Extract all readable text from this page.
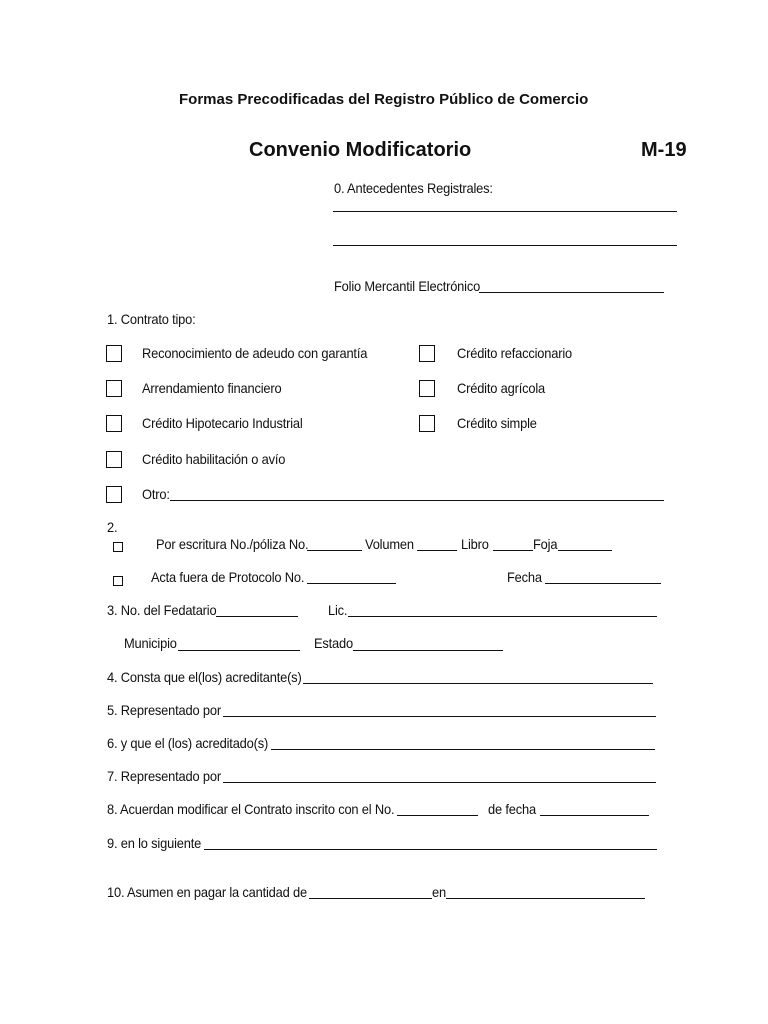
Formas Precodificadas del Registro Público de Comercio
Convenio Modificatorio	M-19
0. Antecedentes Registrales:
Folio Mercantil Electrónico
1. Contrato tipo:
Reconocimiento de adeudo con garantía	Crédito refaccionario
Arrendamiento financiero	Crédito agrícola
Crédito Hipotecario Industrial	Crédito simple
Crédito habilitación o avío
Otro:
2.
Por escritura No./póliza No.	Volumen	Libro	Foja
Acta fuera de Protocolo No.	Fecha
3. No. del Fedatario	Lic.
Municipio	Estado
4. Consta que el(los) acreditante(s)
5. Representado por
6. y que el (los) acreditado(s)
7. Representado por
8. Acuerdan modificar el Contrato inscrito con el No.	de fecha
9. en lo siguiente
10. Asumen en pagar la cantidad de	en
